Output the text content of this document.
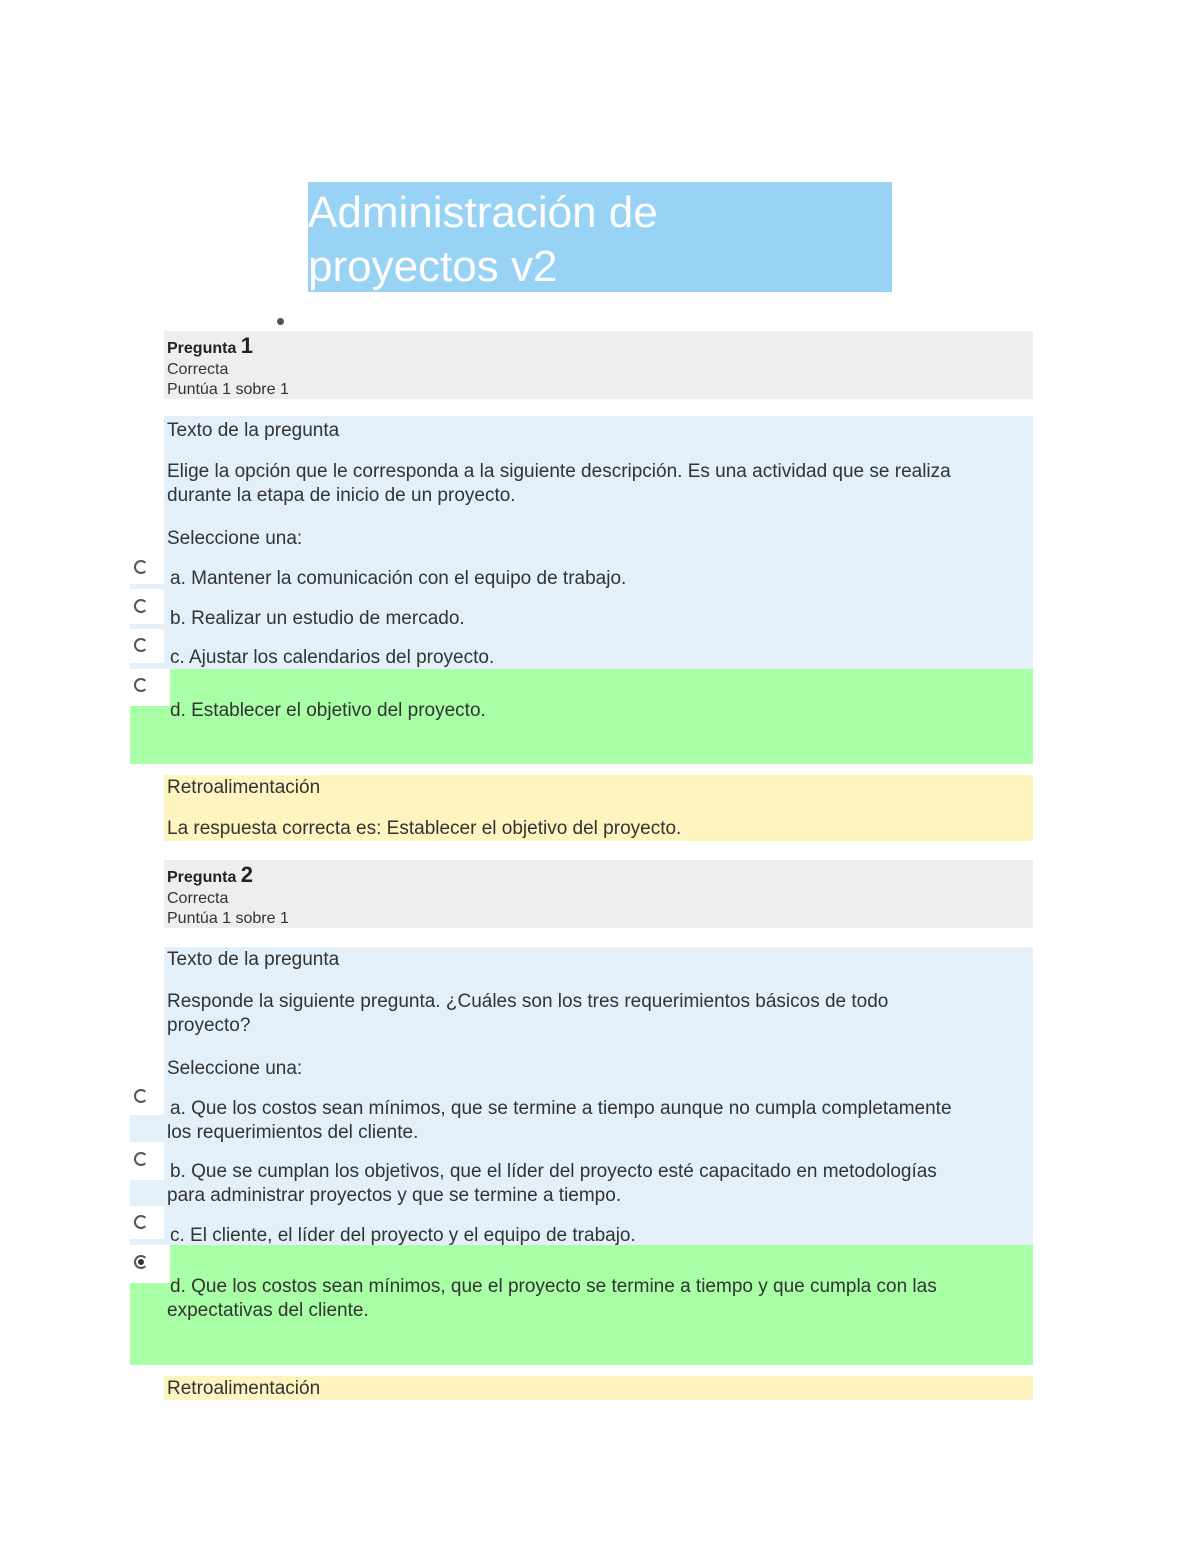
Administración de
proyectos v2
Pregunta 1
Correcta
Puntúa 1 sobre 1
Texto de la pregunta
Elige la opción que le corresponda a la siguiente descripción. Es una actividad que se realiza
durante la etapa de inicio de un proyecto.
Seleccione una:
a. Mantener la comunicación con el equipo de trabajo.
b. Realizar un estudio de mercado.
c. Ajustar los calendarios del proyecto.
d. Establecer el objetivo del proyecto.
Retroalimentación
La respuesta correcta es: Establecer el objetivo del proyecto.
Pregunta 2
Correcta
Puntúa 1 sobre 1
Texto de la pregunta
Responde la siguiente pregunta. ¿Cuáles son los tres requerimientos básicos de todo
proyecto?
Seleccione una:
a. Que los costos sean mínimos, que se termine a tiempo aunque no cumpla completamente
los requerimientos del cliente.
b. Que se cumplan los objetivos, que el líder del proyecto esté capacitado en metodologías
para administrar proyectos y que se termine a tiempo.
c. El cliente, el líder del proyecto y el equipo de trabajo.
d. Que los costos sean mínimos, que el proyecto se termine a tiempo y que cumpla con las
expectativas del cliente.
Retroalimentación
